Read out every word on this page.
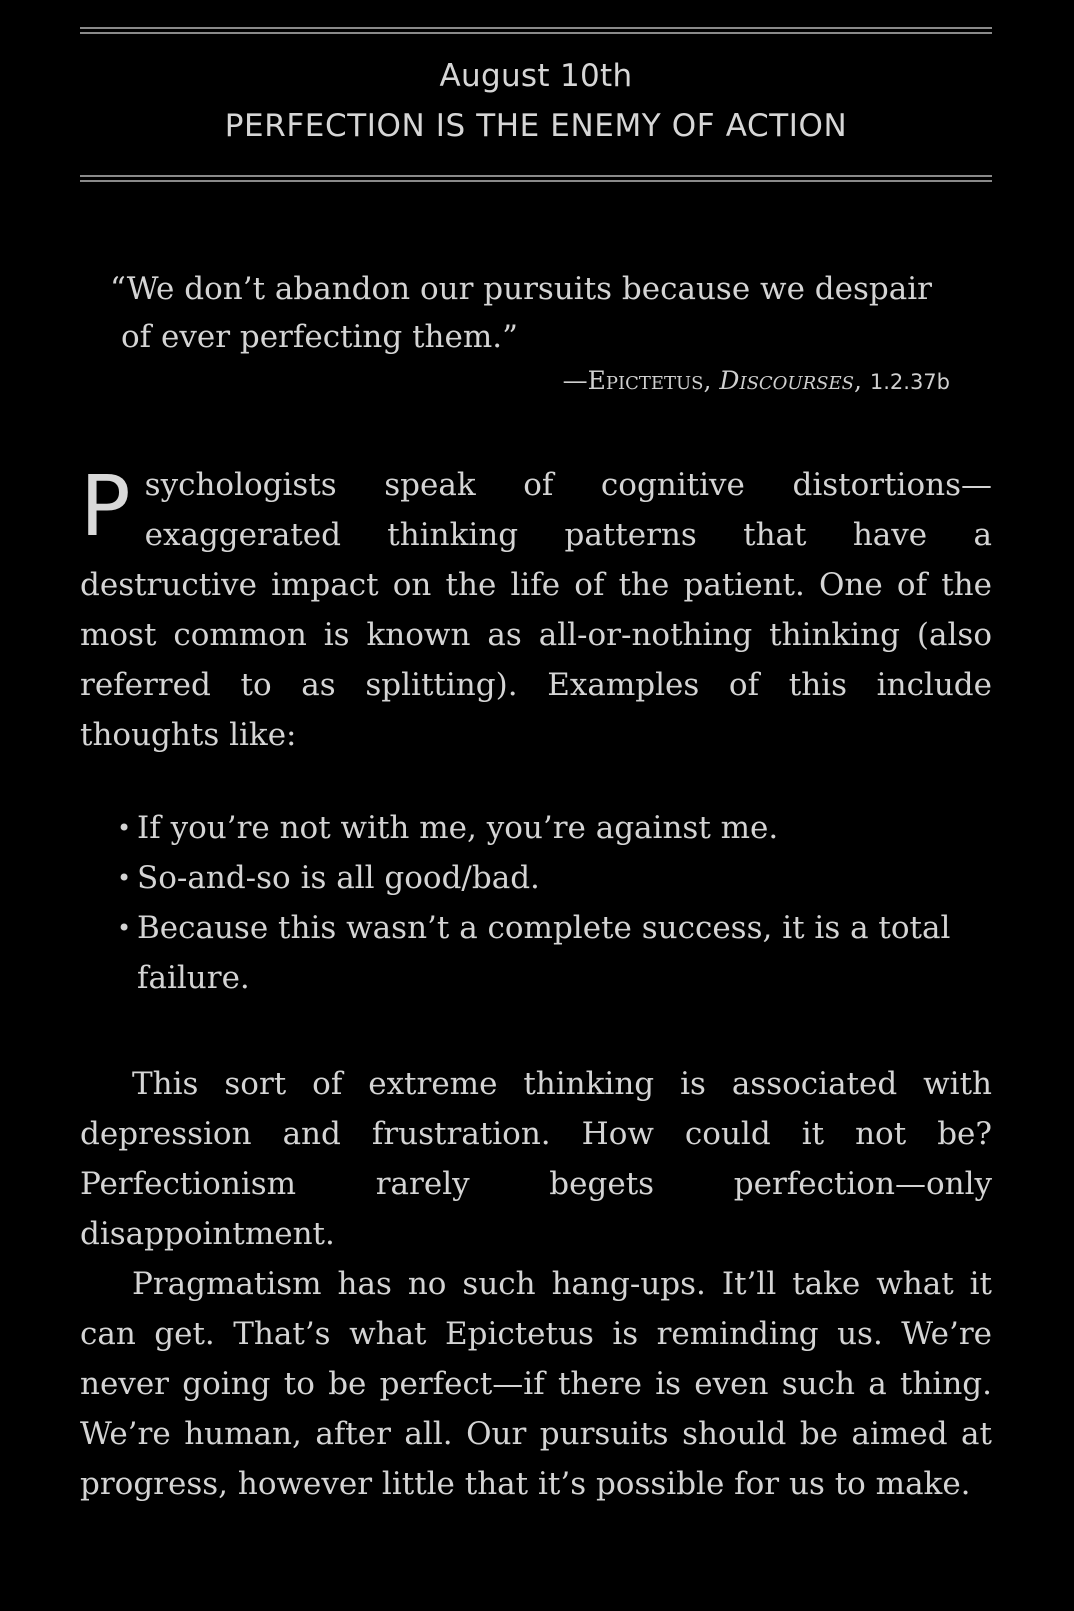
August 10th
PERFECTION IS THE ENEMY OF ACTION
“We don’t abandon our pursuits because we despair of ever perfecting them.”
—Epictetus, Discourses, 1.2.37b
Psychologists speak of cognitive distortions—exaggerated thinking patterns that have a destructive impact on the life of the patient. One of the most common is known as all-or-nothing thinking (also referred to as splitting). Examples of this include thoughts like:
• If you’re not with me, you’re against me.
• So-and-so is all good/bad.
• Because this wasn’t a complete success, it is a total failure.

This sort of extreme thinking is associated with depression and frustration. How could it not be? Perfectionism rarely begets perfection—only disappointment.

Pragmatism has no such hang-ups. It’ll take what it can get. That’s what Epictetus is reminding us. We’re never going to be perfect—if there is even such a thing. We’re human, after all. Our pursuits should be aimed at progress, however little that it’s possible for us to make.
